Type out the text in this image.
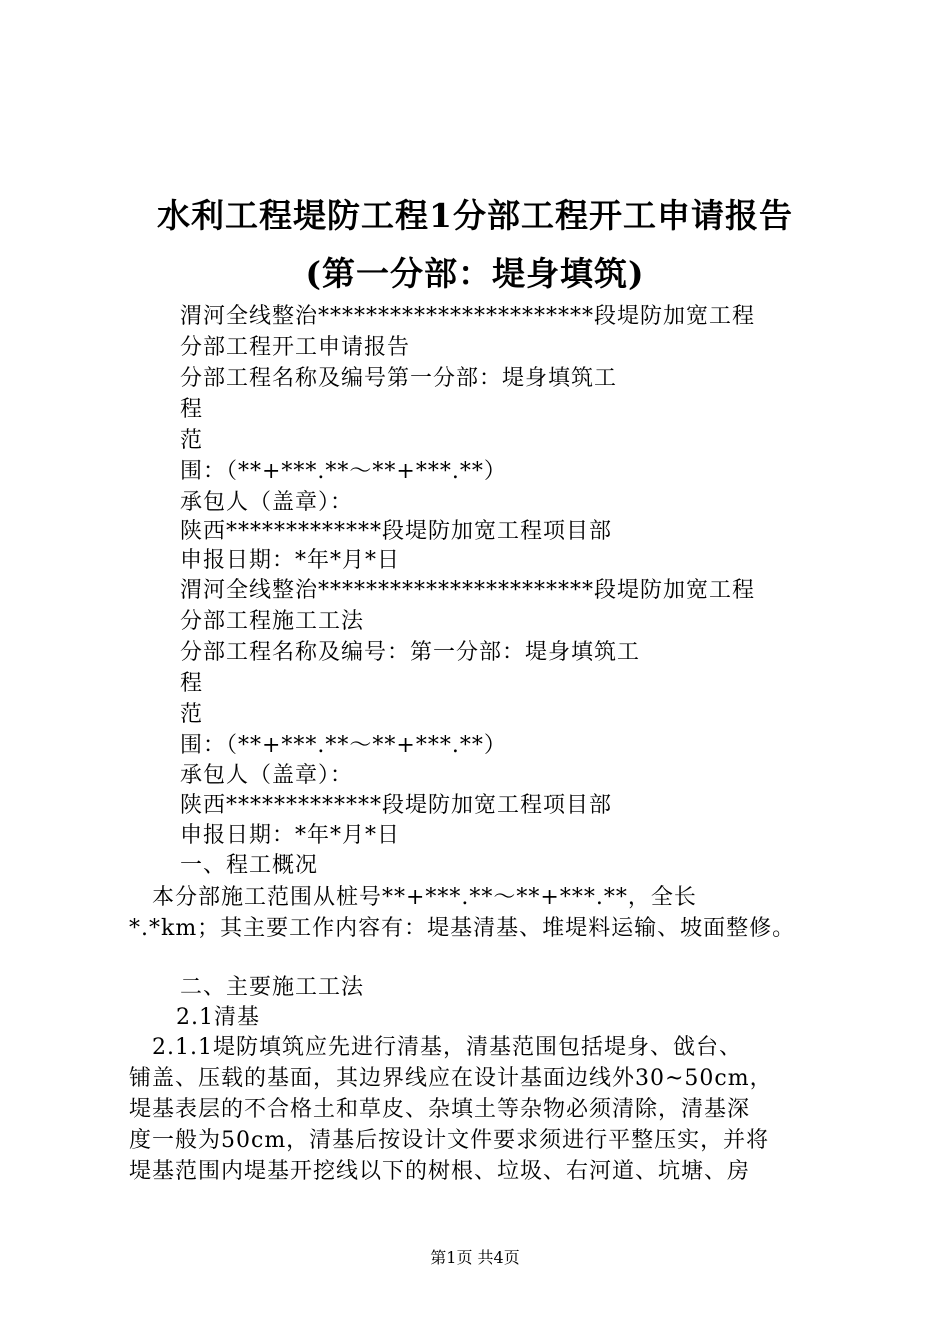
水利工程堤防工程1分部工程开工申请报告
(第一分部：堤身填筑)
渭河全线整治***********************段堤防加宽工程
分部工程开工申请报告
分部工程名称及编号第一分部：堤身填筑工
程
范
围：（**+***.**～**+***.**）
承包人（盖章）：
陕西*************段堤防加宽工程项目部
申报日期：*年*月*日
渭河全线整治***********************段堤防加宽工程
分部工程施工工法
分部工程名称及编号：第一分部：堤身填筑工
程
范
围：（**+***.**～**+***.**）
承包人（盖章）：
陕西*************段堤防加宽工程项目部
申报日期：*年*月*日
一、程工概况
　本分部施工范围从桩号**+***.**～**+***.**，全长
*.*km；其主要工作内容有：堤基清基、堆堤料运输、坡面整修。
二、主要施工工法
2.1清基
　2.1.1堤防填筑应先进行清基，清基范围包括堤身、戗台、
铺盖、压载的基面，其边界线应在设计基面边线外30~50cm，
堤基表层的不合格土和草皮、杂填土等杂物必须清除，清基深
度一般为50cm，清基后按设计文件要求须进行平整压实，并将
堤基范围内堤基开挖线以下的树根、垃圾、右河道、坑塘、房
第1页 共4页
